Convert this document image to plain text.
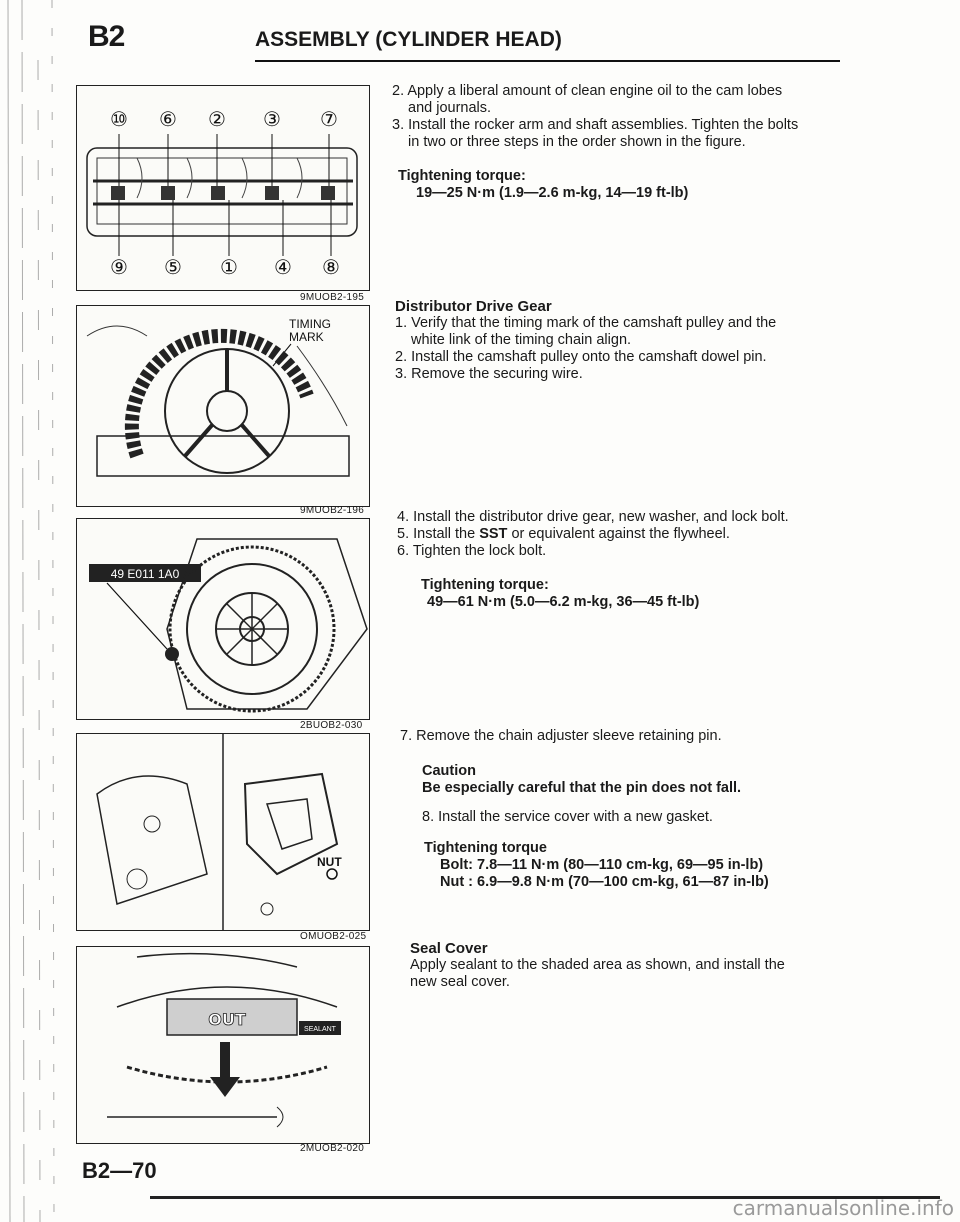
B2	ASSEMBLY (CYLINDER HEAD)
⑩ ⑥ ② ③ ⑦
⑨ ⑤ ① ④ ⑧
9MUOB2-195
TIMING
MARK
9MUOB2-196
49 E011 1A0
2BUOB2-030
NUT
OMUOB2-025
OUT
SEALANT
2MUOB2-020

2. Apply a liberal amount of clean engine oil to the cam lobes

and journals.

3. Install the rocker arm and shaft assemblies. Tighten the bolts

in two or three steps in the order shown in the figure.

Tightening torque:

19—25 N·m (1.9—2.6 m-kg, 14—19 ft-lb)

Distributor Drive Gear

1. Verify that the timing mark of the camshaft pulley and the

white link of the timing chain align.

2. Install the camshaft pulley onto the camshaft dowel pin.

3. Remove the securing wire.

4. Install the distributor drive gear, new washer, and lock bolt.

5. Install the SST or equivalent against the flywheel.

6. Tighten the lock bolt.

Tightening torque:

49—61 N·m (5.0—6.2 m-kg, 36—45 ft-lb)

7. Remove the chain adjuster sleeve retaining pin.

Caution

Be especially careful that the pin does not fall.

8. Install the service cover with a new gasket.

Tightening torque

Bolt: 7.8—11 N·m (80—110 cm-kg, 69—95 in-lb)

Nut : 6.9—9.8 N·m (70—100 cm-kg, 61—87 in-lb)

Seal Cover

Apply sealant to the shaded area as shown, and install the

new seal cover.

B2—70
carmanualsonline.info
